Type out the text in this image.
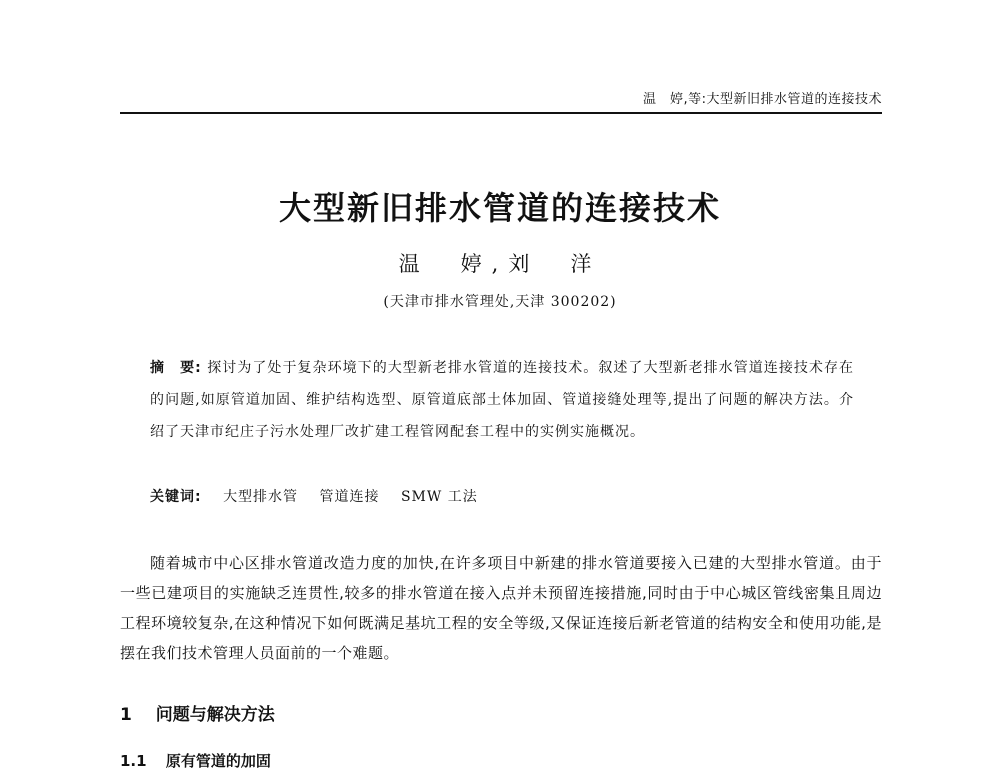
温　婷,等:大型新旧排水管道的连接技术
大型新旧排水管道的连接技术
温　婷,刘　洋
(天津市排水管理处,天津 300202)
摘　要: 探讨为了处于复杂环境下的大型新老排水管道的连接技术。叙述了大型新老排水管道连接技术存在的问题,如原管道加固、维护结构选型、原管道底部土体加固、管道接缝处理等,提出了问题的解决方法。介绍了天津市纪庄子污水处理厂改扩建工程管网配套工程中的实例实施概况。
关键词: 大型排水管 管道连接 SMW 工法
随着城市中心区排水管道改造力度的加快,在许多项目中新建的排水管道要接入已建的大型排水管道。由于一些已建项目的实施缺乏连贯性,较多的排水管道在接入点并未预留连接措施,同时由于中心城区管线密集且周边工程环境较复杂,在这种情况下如何既满足基坑工程的安全等级,又保证连接后新老管道的结构安全和使用功能,是摆在我们技术管理人员面前的一个难题。
1 问题与解决方法
1.1 原有管道的加固
